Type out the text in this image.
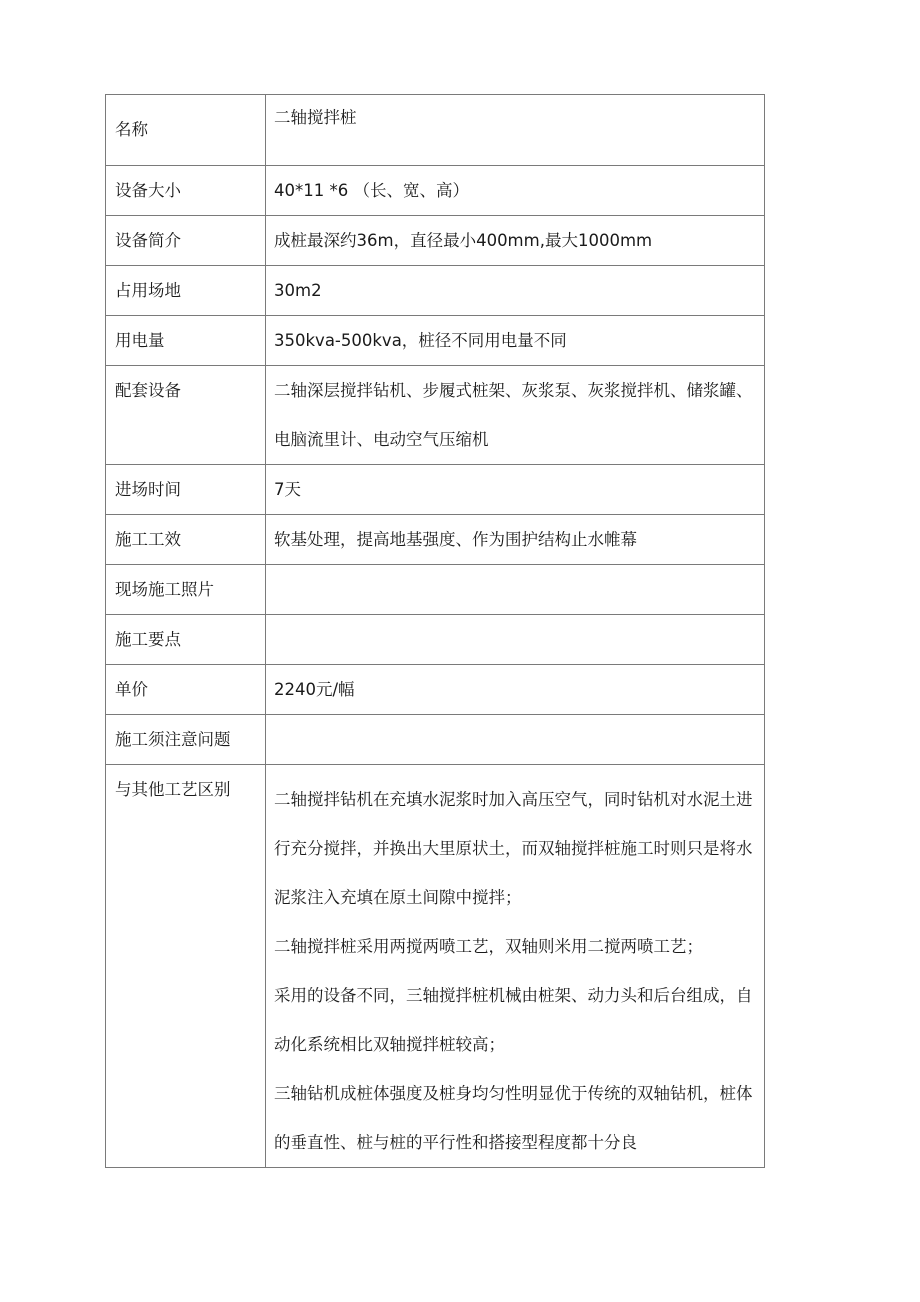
名称	二轴搅拌桩
设备大小	40*11 *6 （长、宽、高）
设备简介	成桩最深约36m，直径最小400mm,最大1000mm
占用场地	30m2
用电量	350kva-500kva，桩径不同用电量不同
配套设备	二轴深层搅拌钻机、步履式桩架、灰浆泵、灰浆搅拌机、储浆罐、电脑流里计、电动空气压缩机
进场时间	7天
施工工效	软基处理，提高地基强度、作为围护结构止水帷幕
现场施工照片	
施工要点	
单价	2240元/幅
施工须注意问题	
与其他工艺区别	二轴搅拌钻机在充填水泥浆时加入高压空气，同时钻机对水泥土进行充分搅拌，并换出大里原状土，而双轴搅拌桩施工时则只是将水泥浆注入充填在原土间隙中搅拌；
二轴搅拌桩采用两搅两喷工艺，双轴则米用二搅两喷工艺；
采用的设备不同，三轴搅拌桩机械由桩架、动力头和后台组成，自动化系统相比双轴搅拌桩较高；
三轴钻机成桩体强度及桩身均匀性明显优于传统的双轴钻机，桩体的垂直性、桩与桩的平行性和搭接型程度都十分良
